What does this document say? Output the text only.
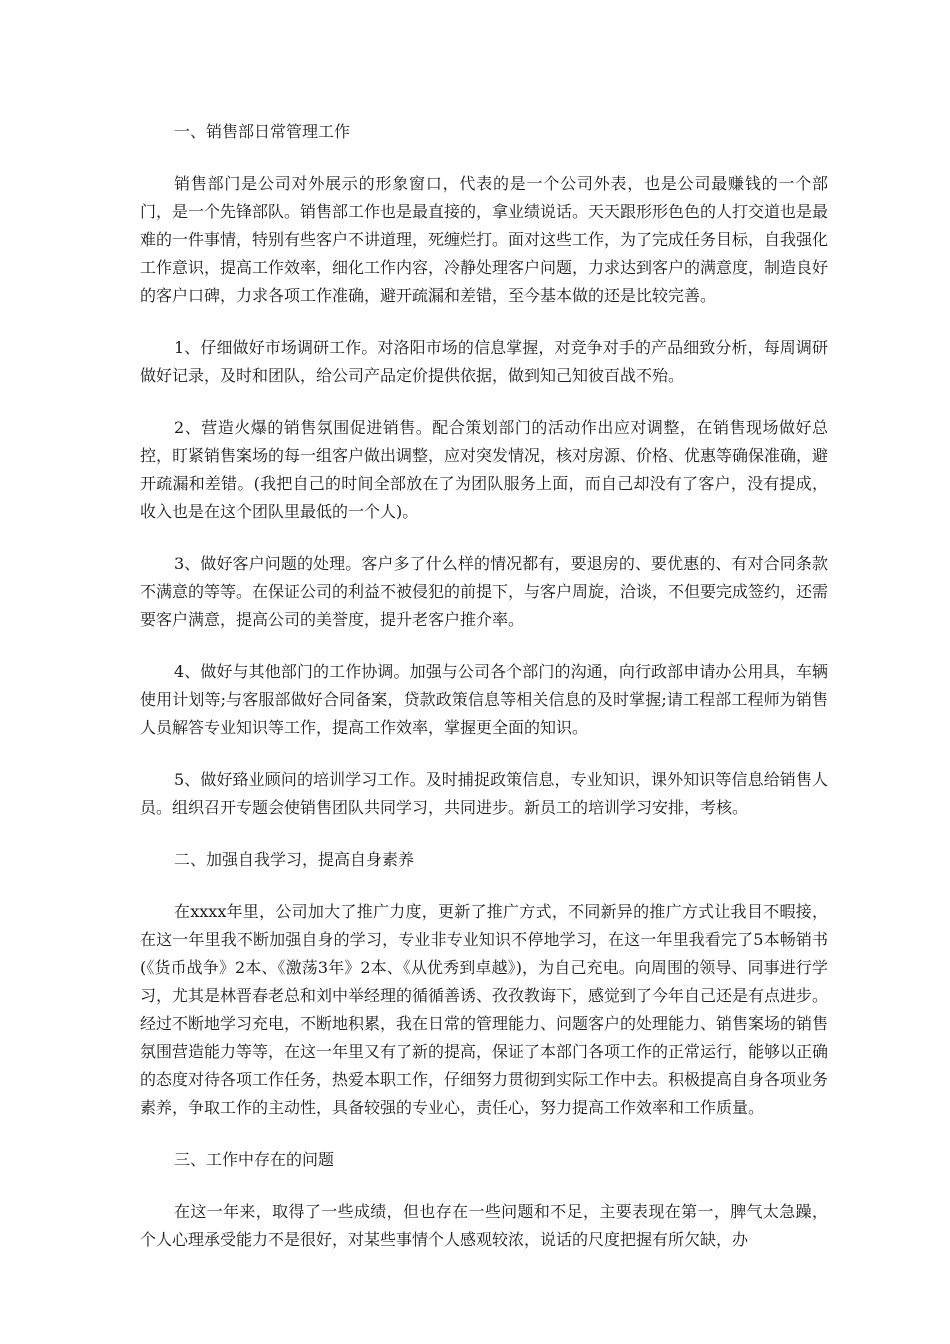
一、销售部日常管理工作

销售部门是公司对外展示的形象窗口，代表的是一个公司外表，也是公司最赚钱的一个部门，是一个先锋部队。销售部工作也是最直接的，拿业绩说话。天天跟形形色色的人打交道也是最难的一件事情，特别有些客户不讲道理，死缠烂打。面对这些工作，为了完成任务目标，自我强化工作意识，提高工作效率，细化工作内容，冷静处理客户问题，力求达到客户的满意度，制造良好的客户口碑，力求各项工作准确，避开疏漏和差错，至今基本做的还是比较完善。

1、仔细做好市场调研工作。对洛阳市场的信息掌握，对竞争对手的产品细致分析，每周调研做好记录，及时和团队，给公司产品定价提供依据，做到知己知彼百战不殆。

2、营造火爆的销售氛围促进销售。配合策划部门的活动作出应对调整，在销售现场做好总控，盯紧销售案场的每一组客户做出调整，应对突发情况，核对房源、价格、优惠等确保准确，避开疏漏和差错。(我把自己的时间全部放在了为团队服务上面，而自己却没有了客户，没有提成，收入也是在这个团队里最低的一个人)。

3、做好客户问题的处理。客户多了什么样的情况都有，要退房的、要优惠的、有对合同条款不满意的等等。在保证公司的利益不被侵犯的前提下，与客户周旋，洽谈，不但要完成签约，还需要客户满意，提高公司的美誉度，提升老客户推介率。

4、做好与其他部门的工作协调。加强与公司各个部门的沟通，向行政部申请办公用具，车辆使用计划等;与客服部做好合同备案，贷款政策信息等相关信息的及时掌握;请工程部工程师为销售人员解答专业知识等工作，提高工作效率，掌握更全面的知识。

5、做好臵业顾问的培训学习工作。及时捕捉政策信息，专业知识，课外知识等信息给销售人员。组织召开专题会使销售团队共同学习，共同进步。新员工的培训学习安排，考核。

二、加强自我学习，提高自身素养

在xxxx年里，公司加大了推广力度，更新了推广方式，不同新异的推广方式让我目不暇接，在这一年里我不断加强自身的学习，专业非专业知识不停地学习，在这一年里我看完了5本畅销书(《货币战争》2本、《激荡3年》2本、《从优秀到卓越》)，为自己充电。向周围的领导、同事进行学习，尤其是林晋春老总和刘中举经理的循循善诱、孜孜教诲下，感觉到了今年自己还是有点进步。经过不断地学习充电，不断地积累，我在日常的管理能力、问题客户的处理能力、销售案场的销售氛围营造能力等等，在这一年里又有了新的提高，保证了本部门各项工作的正常运行，能够以正确的态度对待各项工作任务，热爱本职工作，仔细努力贯彻到实际工作中去。积极提高自身各项业务素养，争取工作的主动性，具备较强的专业心，责任心，努力提高工作效率和工作质量。

三、工作中存在的问题

在这一年来，取得了一些成绩，但也存在一些问题和不足，主要表现在第一，脾气太急躁，个人心理承受能力不是很好，对某些事情个人感观较浓，说话的尺度把握有所欠缺，办
